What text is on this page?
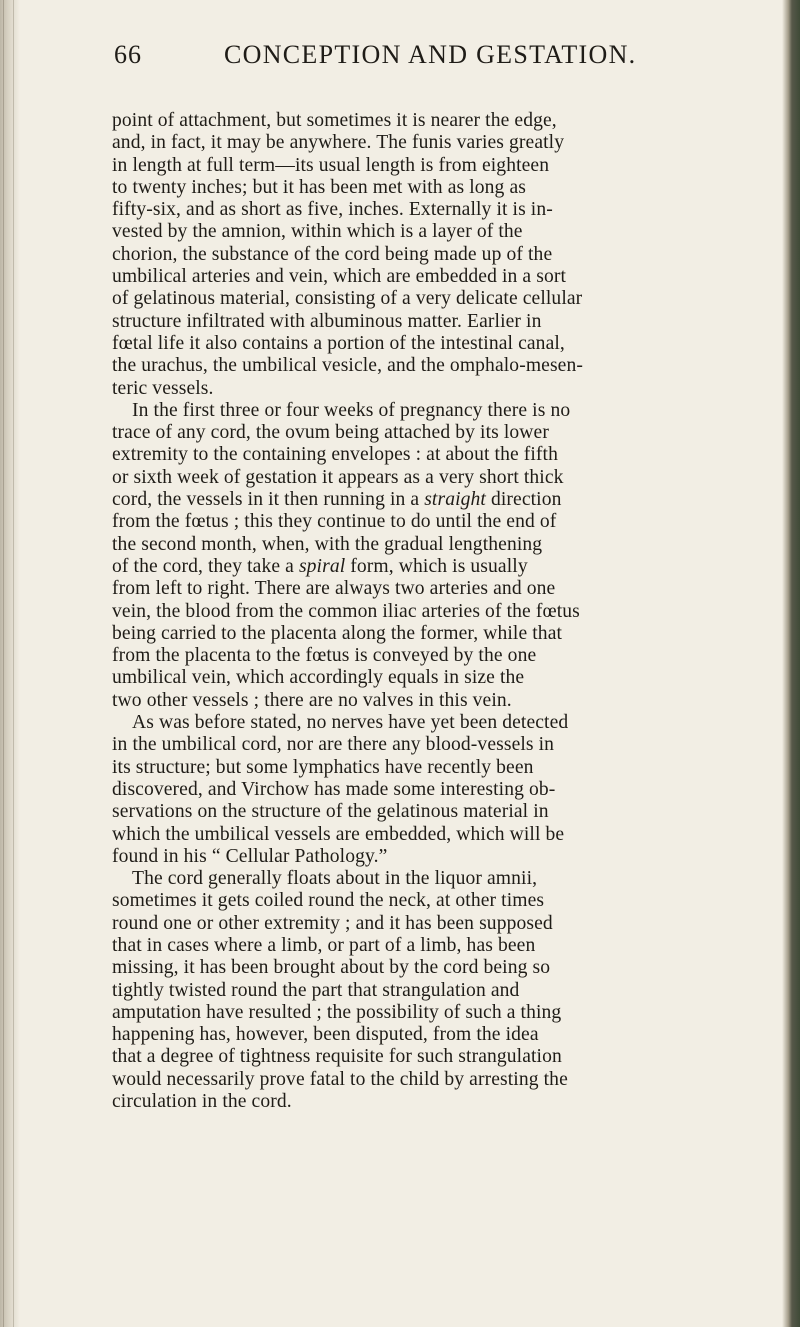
66	CONCEPTION AND GESTATION.
point of attachment, but sometimes it is nearer the edge,
and, in fact, it may be anywhere. The funis varies greatly
in length at full term—its usual length is from eighteen
to twenty inches; but it has been met with as long as
fifty-six, and as short as five, inches. Externally it is in-
vested by the amnion, within which is a layer of the
chorion, the substance of the cord being made up of the
umbilical arteries and vein, which are embedded in a sort
of gelatinous material, consisting of a very delicate cellular
structure infiltrated with albuminous matter. Earlier in
fœtal life it also contains a portion of the intestinal canal,
the urachus, the umbilical vesicle, and the omphalo-mesen-
teric vessels.
In the first three or four weeks of pregnancy there is no
trace of any cord, the ovum being attached by its lower
extremity to the containing envelopes : at about the fifth
or sixth week of gestation it appears as a very short thick
cord, the vessels in it then running in a straight direction
from the fœtus ; this they continue to do until the end of
the second month, when, with the gradual lengthening
of the cord, they take a spiral form, which is usually
from left to right. There are always two arteries and one
vein, the blood from the common iliac arteries of the fœtus
being carried to the placenta along the former, while that
from the placenta to the fœtus is conveyed by the one
umbilical vein, which accordingly equals in size the
two other vessels ; there are no valves in this vein.
As was before stated, no nerves have yet been detected
in the umbilical cord, nor are there any blood-vessels in
its structure; but some lymphatics have recently been
discovered, and Virchow has made some interesting ob-
servations on the structure of the gelatinous material in
which the umbilical vessels are embedded, which will be
found in his “ Cellular Pathology.”
The cord generally floats about in the liquor amnii,
sometimes it gets coiled round the neck, at other times
round one or other extremity ; and it has been supposed
that in cases where a limb, or part of a limb, has been
missing, it has been brought about by the cord being so
tightly twisted round the part that strangulation and
amputation have resulted ; the possibility of such a thing
happening has, however, been disputed, from the idea
that a degree of tightness requisite for such strangulation
would necessarily prove fatal to the child by arresting the
circulation in the cord.
